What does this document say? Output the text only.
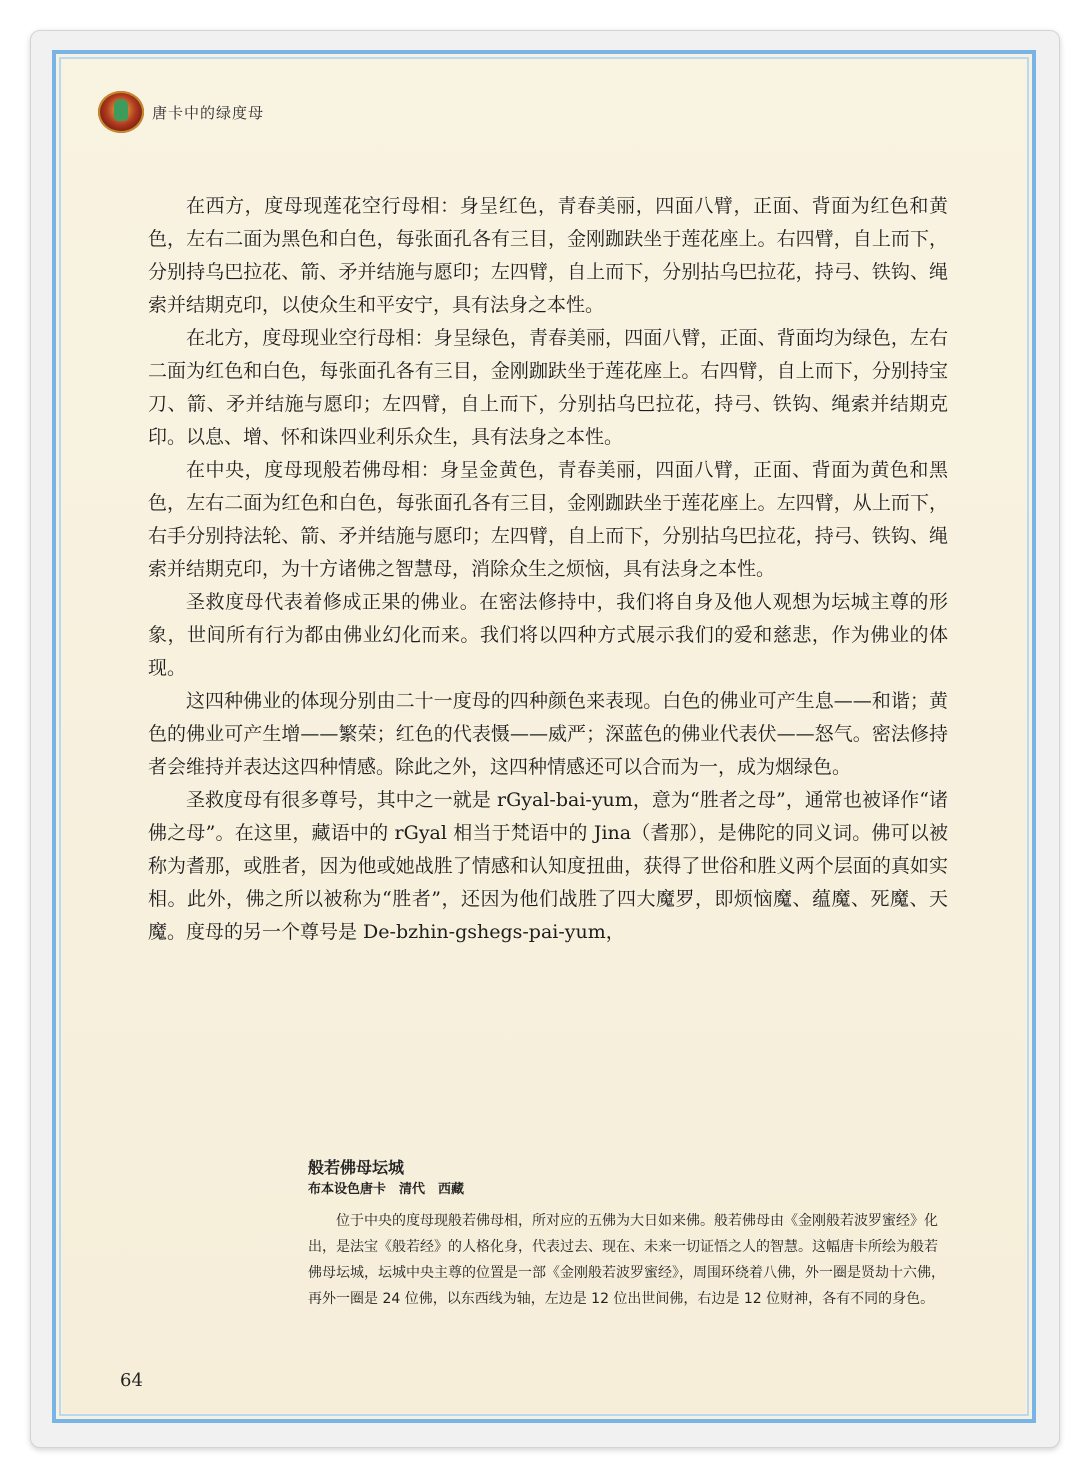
唐卡中的绿度母

在西方，度母现莲花空行母相：身呈红色，青春美丽，四面八臂，正面、背面为红色和黄色，左右二面为黑色和白色，每张面孔各有三目，金刚跏趺坐于莲花座上。右四臂，自上而下，分别持乌巴拉花、箭、矛并结施与愿印；左四臂，自上而下，分别拈乌巴拉花，持弓、铁钩、绳索并结期克印，以使众生和平安宁，具有法身之本性。

在北方，度母现业空行母相：身呈绿色，青春美丽，四面八臂，正面、背面均为绿色，左右二面为红色和白色，每张面孔各有三目，金刚跏趺坐于莲花座上。右四臂，自上而下，分别持宝刀、箭、矛并结施与愿印；左四臂，自上而下，分别拈乌巴拉花，持弓、铁钩、绳索并结期克印。以息、增、怀和诛四业利乐众生，具有法身之本性。

在中央，度母现般若佛母相：身呈金黄色，青春美丽，四面八臂，正面、背面为黄色和黑色，左右二面为红色和白色，每张面孔各有三目，金刚跏趺坐于莲花座上。左四臂，从上而下，右手分别持法轮、箭、矛并结施与愿印；左四臂，自上而下，分别拈乌巴拉花，持弓、铁钩、绳索并结期克印，为十方诸佛之智慧母，消除众生之烦恼，具有法身之本性。

圣救度母代表着修成正果的佛业。在密法修持中，我们将自身及他人观想为坛城主尊的形象，世间所有行为都由佛业幻化而来。我们将以四种方式展示我们的爱和慈悲，作为佛业的体现。

这四种佛业的体现分别由二十一度母的四种颜色来表现。白色的佛业可产生息——和谐；黄色的佛业可产生增——繁荣；红色的代表慑——威严；深蓝色的佛业代表伏——怒气。密法修持者会维持并表达这四种情感。除此之外，这四种情感还可以合而为一，成为烟绿色。

圣救度母有很多尊号，其中之一就是 rGyal-bai-yum，意为“胜者之母”，通常也被译作“诸佛之母”。在这里，藏语中的 rGyal 相当于梵语中的 Jina（耆那），是佛陀的同义词。佛可以被称为耆那，或胜者，因为他或她战胜了情感和认知度扭曲，获得了世俗和胜义两个层面的真如实相。此外，佛之所以被称为“胜者”，还因为他们战胜了四大魔罗，即烦恼魔、蕴魔、死魔、天魔。度母的另一个尊号是 De-bzhin-gshegs-pai-yum，

般若佛母坛城
布本设色唐卡　清代　西藏

位于中央的度母现般若佛母相，所对应的五佛为大日如来佛。般若佛母由《金刚般若波罗蜜经》化出，是法宝《般若经》的人格化身，代表过去、现在、未来一切证悟之人的智慧。这幅唐卡所绘为般若佛母坛城，坛城中央主尊的位置是一部《金刚般若波罗蜜经》，周围环绕着八佛，外一圈是贤劫十六佛，再外一圈是 24 位佛，以东西线为轴，左边是 12 位出世间佛，右边是 12 位财神，各有不同的身色。

64
